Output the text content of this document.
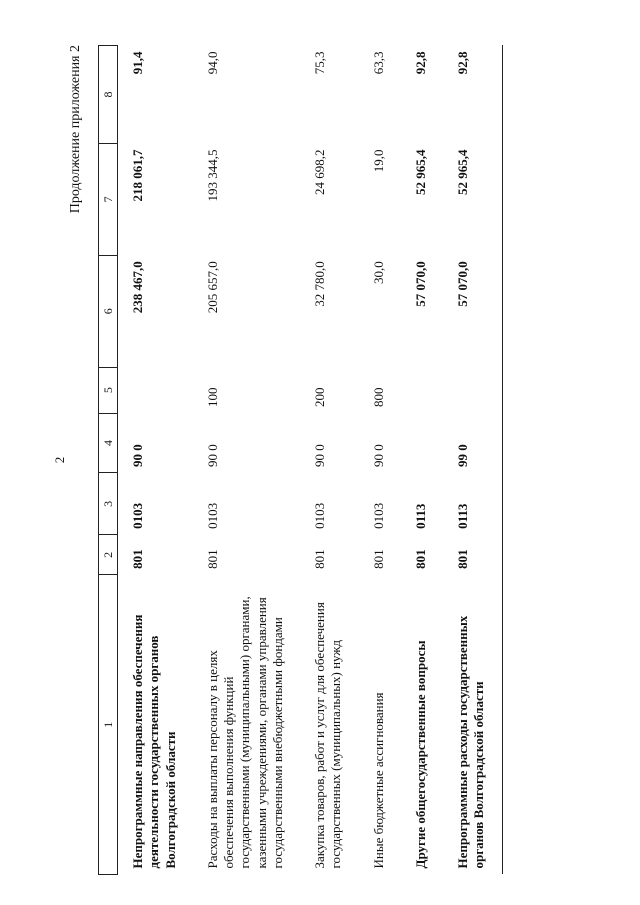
2
Продолжение приложения 2
1	2	3	4	5	6	7	8
Непрограммные направления обеспечения деятельности государственных органов Волгоградской области	801	0103	90 0		238 467,0	218 061,7	91,4
Расходы на выплаты персоналу в целях обеспечения выполнения функций государственными (муниципальными) органами, казенными учреждениями, органами управления государственными внебюджетными фондами	801	0103	90 0	100	205 657,0	193 344,5	94,0
Закупка товаров, работ и услуг для обеспечения государственных (муниципальных) нужд	801	0103	90 0	200	32 780,0	24 698,2	75,3
Иные бюджетные ассигнования	801	0103	90 0	800	30,0	19,0	63,3
Другие общегосударственные вопросы	801	0113			57 070,0	52 965,4	92,8
Непрограммные расходы государственных органов Волгоградской области	801	0113	99 0		57 070,0	52 965,4	92,8
